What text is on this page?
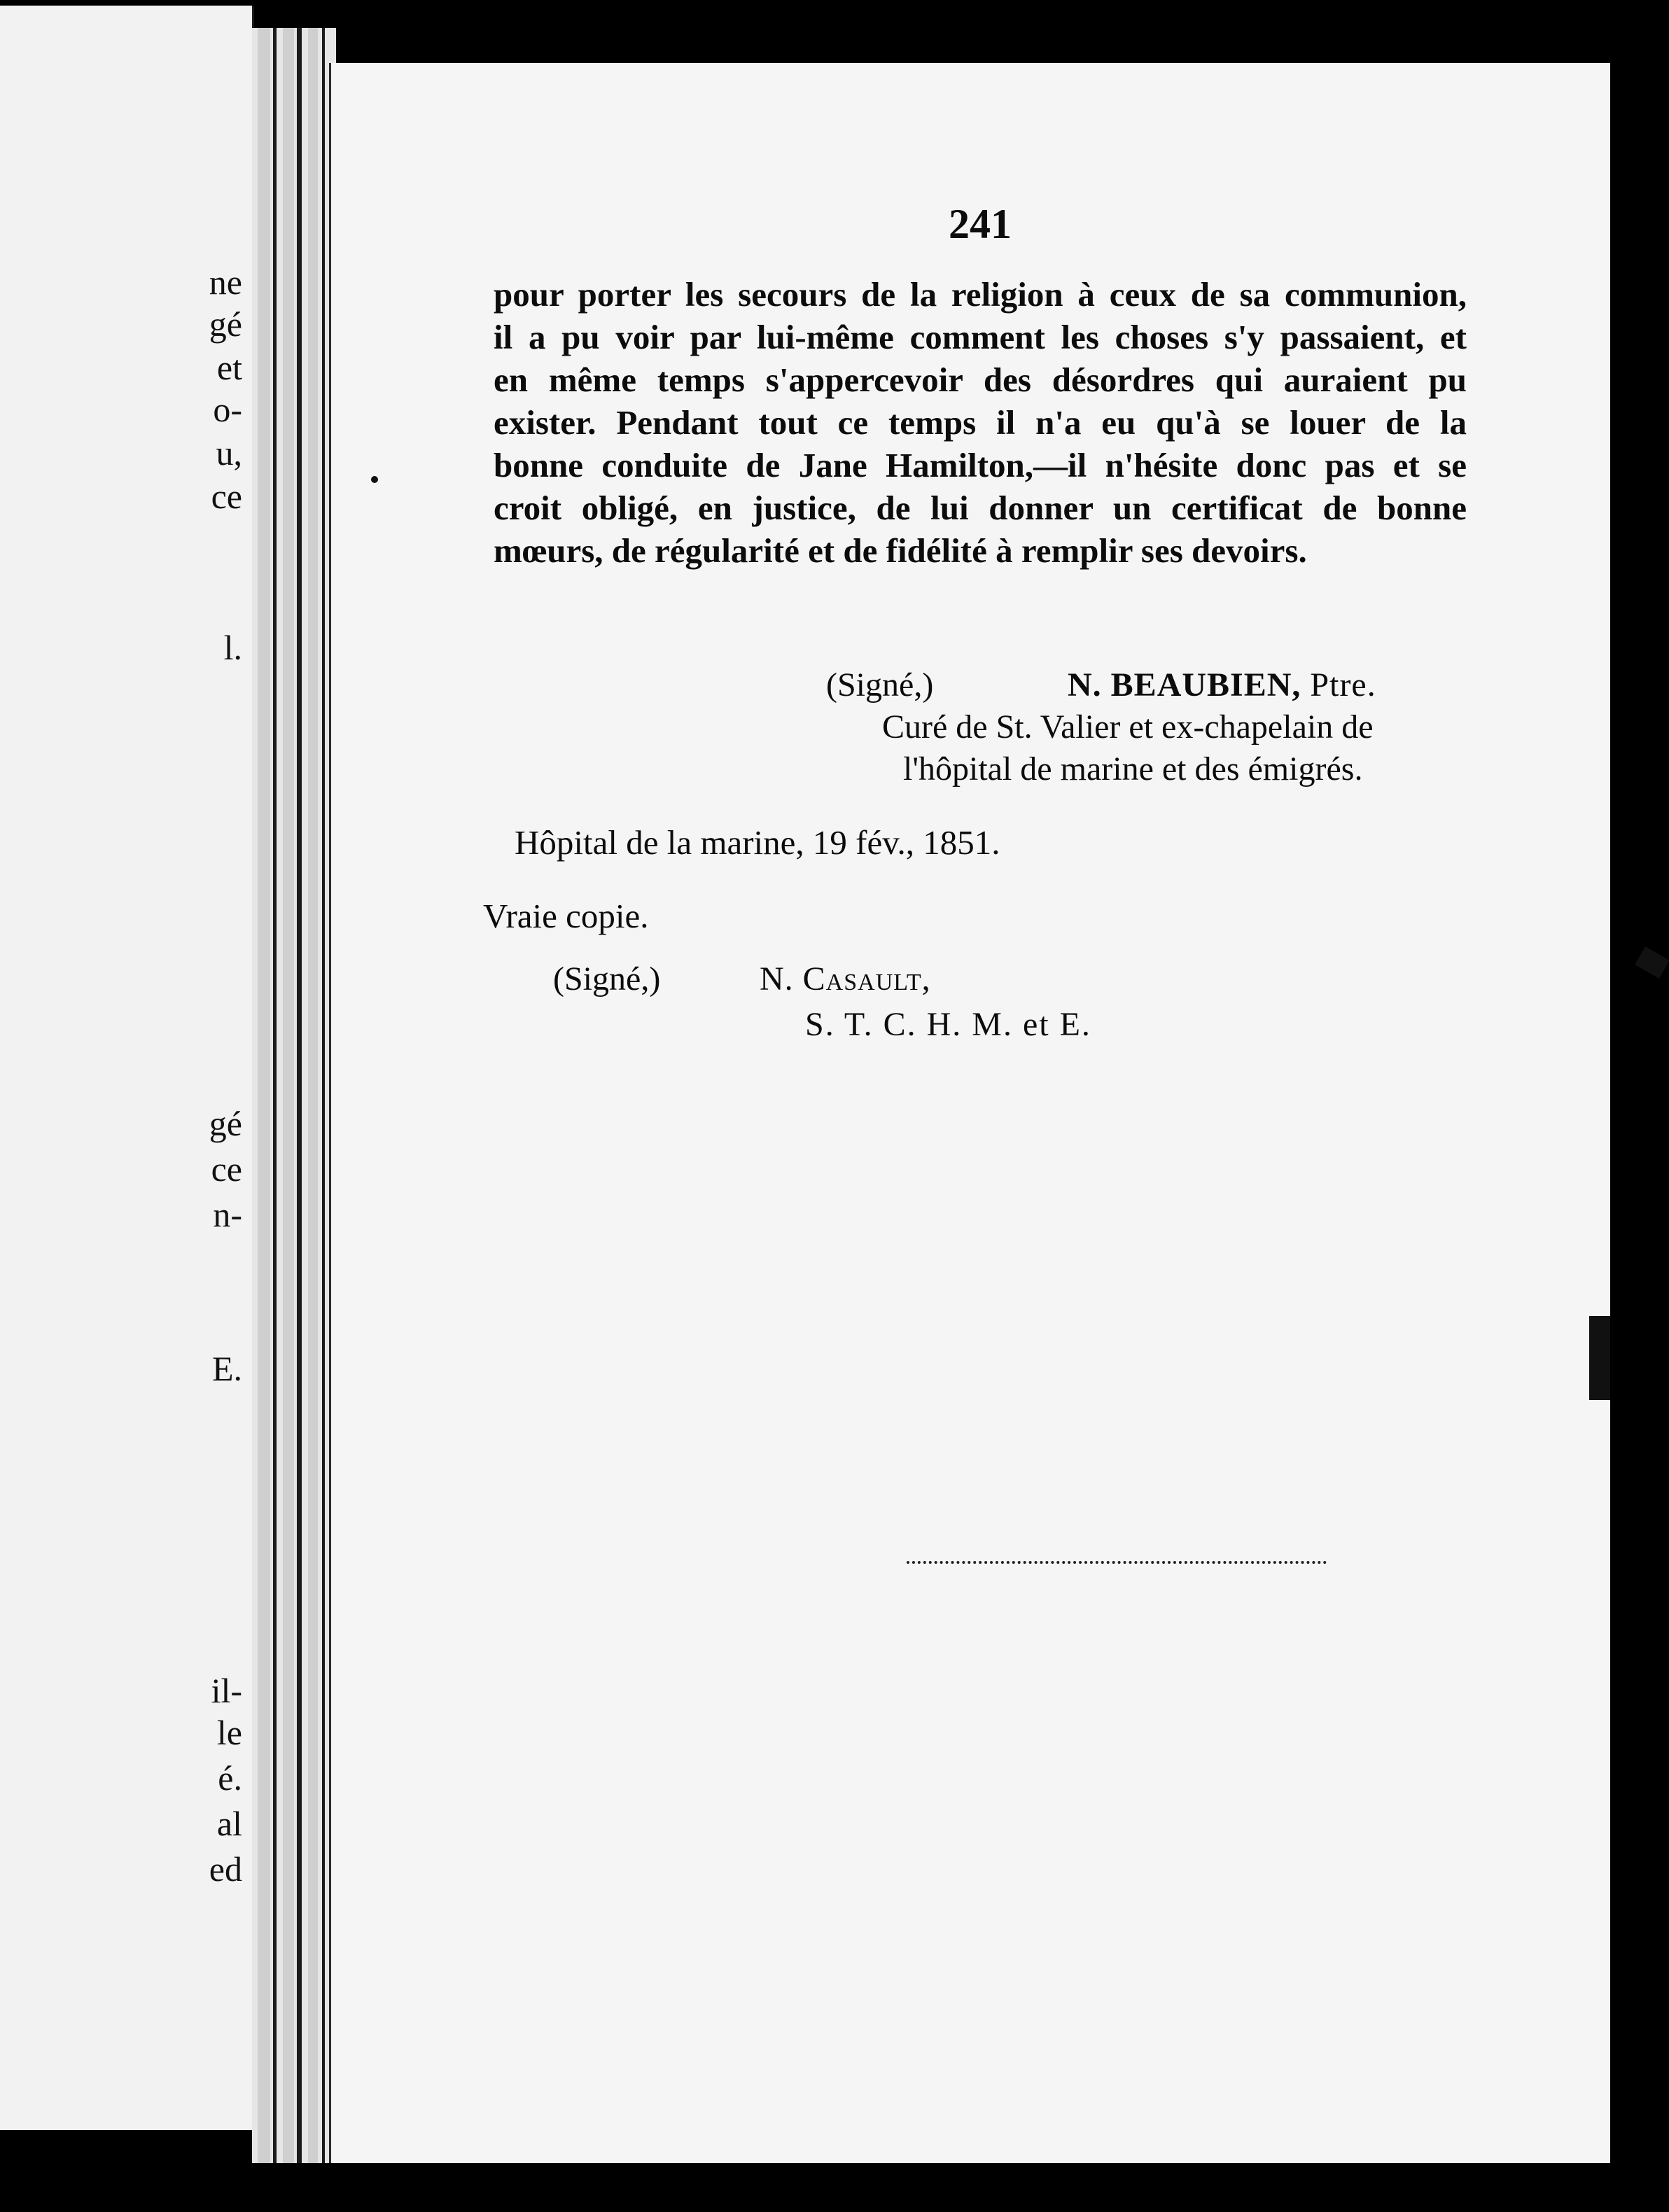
ne
gé
et
o-
u,
ce
l.
gé
ce
n-
E.
il-
le
é.
al
ed
241
pour porter les secours de la religion à ceux de sa communion,
il a pu voir par lui-même comment les choses s'y passaient, et
en même temps s'appercevoir des désordres qui auraient pu
exister. Pendant tout ce temps il n'a eu qu'à se louer de la
bonne conduite de Jane Hamilton,—il n'hésite donc pas et se
croit obligé, en justice, de lui donner un certificat de bonne
mœurs, de régularité et de fidélité à remplir ses devoirs.
(Signé,)	N. BEAUBIEN, Ptre.
Curé de St. Valier et ex-chapelain de
l'hôpital de marine et des émigrés.
Hôpital de la marine, 19 fév., 1851.
Vraie copie.
(Signé,)	N. Casault,
S. T. C. H. M. et E.
